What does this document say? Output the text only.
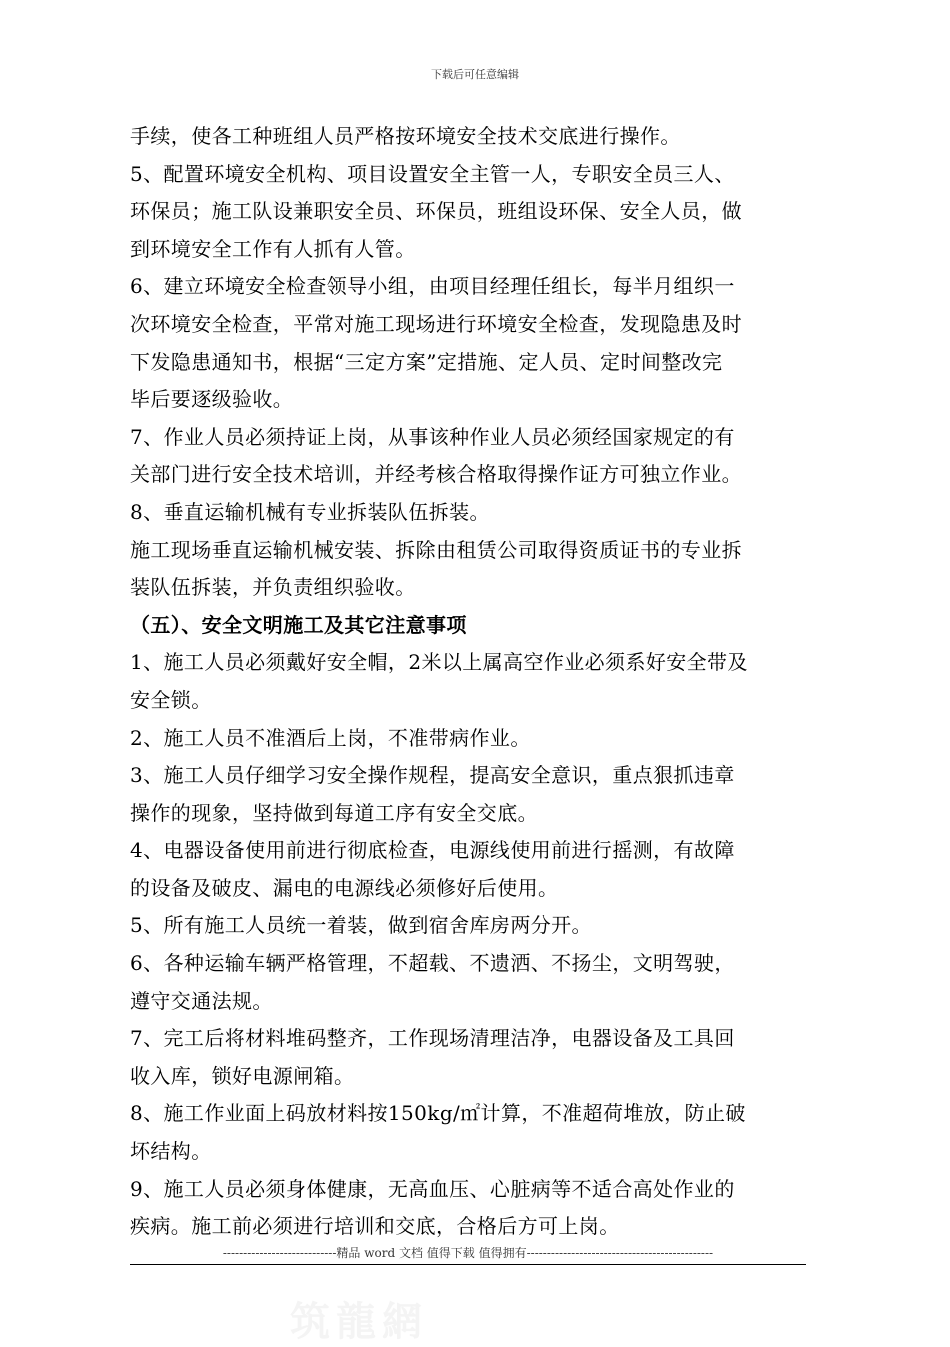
下载后可任意编辑
手续，使各工种班组人员严格按环境安全技术交底进行操作。
5、配置环境安全机构、项目设置安全主管一人，专职安全员三人、
环保员；施工队设兼职安全员、环保员，班组设环保、安全人员，做
到环境安全工作有人抓有人管。
6、建立环境安全检查领导小组，由项目经理任组长，每半月组织一
次环境安全检查，平常对施工现场进行环境安全检查，发现隐患及时
下发隐患通知书，根据“三定方案”定措施、定人员、定时间整改完
毕后要逐级验收。
7、作业人员必须持证上岗，从事该种作业人员必须经国家规定的有
关部门进行安全技术培训，并经考核合格取得操作证方可独立作业。
8、垂直运输机械有专业拆装队伍拆装。
施工现场垂直运输机械安装、拆除由租赁公司取得资质证书的专业拆
装队伍拆装，并负责组织验收。
（五）、安全文明施工及其它注意事项
1、施工人员必须戴好安全帽，2米以上属高空作业必须系好安全带及
安全锁。
2、施工人员不准酒后上岗，不准带病作业。
3、施工人员仔细学习安全操作规程，提高安全意识，重点狠抓违章
操作的现象，坚持做到每道工序有安全交底。
4、电器设备使用前进行彻底检查，电源线使用前进行摇测，有故障
的设备及破皮、漏电的电源线必须修好后使用。
5、所有施工人员统一着装，做到宿舍库房两分开。
6、各种运输车辆严格管理，不超载、不遗洒、不扬尘，文明驾驶，
遵守交通法规。
7、完工后将材料堆码整齐，工作现场清理洁净，电器设备及工具回
收入库，锁好电源闸箱。
8、施工作业面上码放材料按150kg/㎡计算，不准超荷堆放，防止破
坏结构。
9、施工人员必须身体健康，无高血压、心脏病等不适合高处作业的
疾病。施工前必须进行培训和交底，合格后方可上岗。
----------------------------精品 word 文档 值得下载 值得拥有----------------------------------------------
筑龍網
